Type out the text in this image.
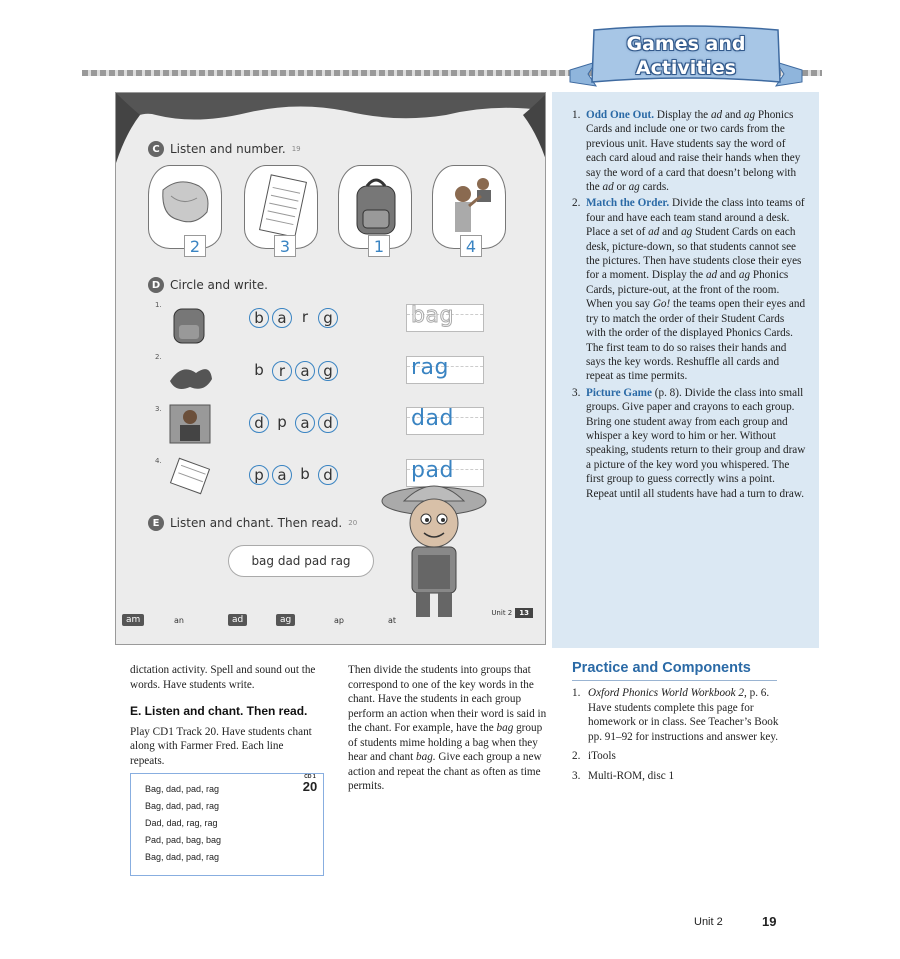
Games and
Activities
C Listen and number. 19
2	3	1	4
D Circle and write.
1.
b a	r	g	bag
2.
b	r	a g	rag
3.
d p a d	dad
4.
p a b d	pad
E Listen and chant. Then read. 20
bag dad pad rag
am	an	ad	ag	ap	at
Unit 2 13
1. Odd One Out. Display the ad and ag Phonics Cards and include one or two cards from the previous unit. Have students say the word of each card aloud and raise their hands when they say the word of a card that doesn’t belong with the ad or ag cards.
2. Match the Order. Divide the class into teams of four and have each team stand around a desk. Place a set of ad and ag Student Cards on each desk, picture-down, so that students cannot see the pictures. Then have students close their eyes for a moment. Display the ad and ag Phonics Cards, picture-out, at the front of the room. When you say Go! the teams open their eyes and try to match the order of their Student Cards with the order of the displayed Phonics Cards. The first team to do so raises their hands and says the key words. Reshuffle all cards and repeat as time permits.
3. Picture Game (p. 8). Divide the class into small groups. Give paper and crayons to each group. Bring one student away from each group and whisper a key word to him or her. Without speaking, students return to their group and draw a picture of the key word you whispered. The first group to guess correctly wins a point. Repeat until all students have had a turn to draw.

dictation activity. Spell and sound out the words. Have students write.

E. Listen and chant. Then read.

Play CD1 Track 20. Have students chant along with Farmer Fred. Each line repeats.

CD 1
20
Bag, dad, pad, rag
Bag, dad, pad, rag
Dad, dad, rag, rag
Pad, pad, bag, bag
Bag, dad, pad, rag

Then divide the students into groups that correspond to one of the key words in the chant. Have the students in each group perform an action when their word is said in the chant. For example, have the bag group of students mime holding a bag when they hear and chant bag. Give each group a new action and repeat the chant as often as time permits.

Practice and Components
1. Oxford Phonics World Workbook 2, p. 6. Have students complete this page for homework or in class. See Teacher’s Book pp. 91–92 for instructions and answer key.
2. iTools
3. Multi-ROM, disc 1
Unit 2	19
